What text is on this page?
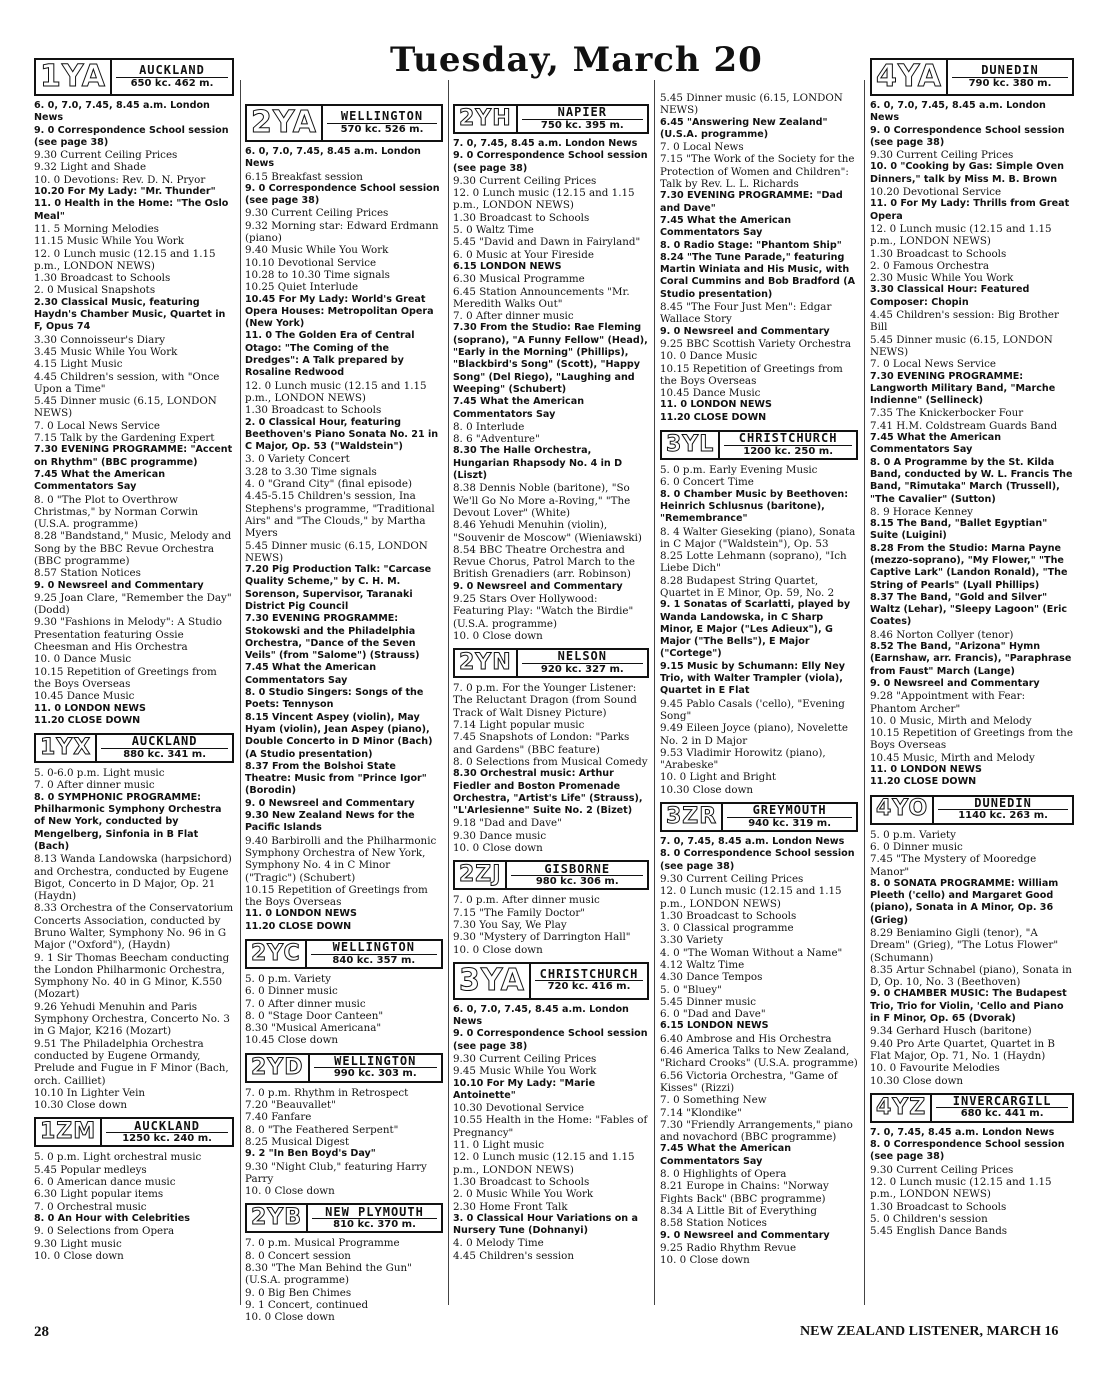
Tuesday, March 20
1YA	AUCKLAND
650 kc. 462 m.
6. 0, 7.0, 7.45, 8.45 a.m. London News
9. 0 Correspondence School session (see page 38)
9.30 Current Ceiling Prices
9.32 Light and Shade
10. 0 Devotions: Rev. D. N. Pryor
10.20 For My Lady: "Mr. Thunder"
11. 0 Health in the Home: "The Oslo Meal"
11. 5 Morning Melodies
11.15 Music While You Work
12. 0 Lunch music (12.15 and 1.15 p.m., LONDON NEWS)
1.30 Broadcast to Schools
2. 0 Musical Snapshots
2.30 Classical Music, featuring Haydn's Chamber Music, Quartet in F, Opus 74
3.30 Connoisseur's Diary
3.45 Music While You Work
4.15 Light Music
4.45 Children's session, with "Once Upon a Time"
5.45 Dinner music (6.15, LONDON NEWS)
7. 0 Local News Service
7.15 Talk by the Gardening Expert
7.30 EVENING PROGRAMME: "Accent on Rhythm" (BBC programme)
7.45 What the American Commentators Say
8. 0 "The Plot to Overthrow Christmas," by Norman Corwin (U.S.A. programme)
8.28 "Bandstand," Music, Melody and Song by the BBC Revue Orchestra (BBC programme)
8.57 Station Notices
9. 0 Newsreel and Commentary
9.25 Joan Clare, "Remember the Day" (Dodd)
9.30 "Fashions in Melody": A Studio Presentation featuring Ossie Cheesman and His Orchestra
10. 0 Dance Music
10.15 Repetition of Greetings from the Boys Overseas
10.45 Dance Music
11. 0 LONDON NEWS
11.20 CLOSE DOWN
1YX	AUCKLAND
880 kc. 341 m.
5. 0-6.0 p.m. Light music
7. 0 After dinner music
8. 0 SYMPHONIC PROGRAMME: Philharmonic Symphony Orchestra of New York, conducted by Mengelberg, Sinfonia in B Flat (Bach)
8.13 Wanda Landowska (harpsichord) and Orchestra, conducted by Eugene Bigot, Concerto in D Major, Op. 21 (Haydn)
8.33 Orchestra of the Conservatorium Concerts Association, conducted by Bruno Walter, Symphony No. 96 in G Major ("Oxford"), (Haydn)
9. 1 Sir Thomas Beecham conducting the London Philharmonic Orchestra, Symphony No. 40 in G Minor, K.550 (Mozart)
9.26 Yehudi Menuhin and Paris Symphony Orchestra, Concerto No. 3 in G Major, K216 (Mozart)
9.51 The Philadelphia Orchestra conducted by Eugene Ormandy, Prelude and Fugue in F Minor (Bach, orch. Cailliet)
10.10 In Lighter Vein
10.30 Close down
1ZM	AUCKLAND
1250 kc. 240 m.
5. 0 p.m. Light orchestral music
5.45 Popular medleys
6. 0 American dance music
6.30 Light popular items
7. 0 Orchestral music
8. 0 An Hour with Celebrities
9. 0 Selections from Opera
9.30 Light music
10. 0 Close down
2YA	WELLINGTON
570 kc. 526 m.
6. 0, 7.0, 7.45, 8.45 a.m. London News
6.15 Breakfast session
9. 0 Correspondence School session (see page 38)
9.30 Current Ceiling Prices
9.32 Morning star: Edward Erdmann (piano)
9.40 Music While You Work
10.10 Devotional Service
10.28 to 10.30 Time signals
10.25 Quiet Interlude
10.45 For My Lady: World's Great Opera Houses: Metropolitan Opera (New York)
11. 0 The Golden Era of Central Otago: "The Coming of the Dredges": A Talk prepared by Rosaline Redwood
12. 0 Lunch music (12.15 and 1.15 p.m., LONDON NEWS)
1.30 Broadcast to Schools
2. 0 Classical Hour, featuring Beethoven's Piano Sonata No. 21 in C Major, Op. 53 ("Waldstein")
3. 0 Variety Concert
3.28 to 3.30 Time signals
4. 0 "Grand City" (final episode)
4.45-5.15 Children's session, Ina Stephens's programme, "Traditional Airs" and "The Clouds," by Martha Myers
5.45 Dinner music (6.15, LONDON NEWS)
7.20 Pig Production Talk: "Carcase Quality Scheme," by C. H. M. Sorenson, Supervisor, Taranaki District Pig Council
7.30 EVENING PROGRAMME: Stokowski and the Philadelphia Orchestra, "Dance of the Seven Veils" (from "Salome") (Strauss)
7.45 What the American Commentators Say
8. 0 Studio Singers: Songs of the Poets: Tennyson
8.15 Vincent Aspey (violin), May Hyam (violin), Jean Aspey (piano), Double Concerto in D Minor (Bach) (A Studio presentation)
8.37 From the Bolshoi State Theatre: Music from "Prince Igor" (Borodin)
9. 0 Newsreel and Commentary
9.30 New Zealand News for the Pacific Islands
9.40 Barbirolli and the Philharmonic Symphony Orchestra of New York, Symphony No. 4 in C Minor ("Tragic") (Schubert)
10.15 Repetition of Greetings from the Boys Overseas
11. 0 LONDON NEWS
11.20 CLOSE DOWN
2YC	WELLINGTON
840 kc. 357 m.
5. 0 p.m. Variety
6. 0 Dinner music
7. 0 After dinner music
8. 0 "Stage Door Canteen"
8.30 "Musical Americana"
10.45 Close down
2YD	WELLINGTON
990 kc. 303 m.
7. 0 p.m. Rhythm in Retrospect
7.20 "Beauvallet"
7.40 Fanfare
8. 0 "The Feathered Serpent"
8.25 Musical Digest
9. 2 "In Ben Boyd's Day"
9.30 "Night Club," featuring Harry Parry
10. 0 Close down
2YB	NEW PLYMOUTH
810 kc. 370 m.
7. 0 p.m. Musical Programme
8. 0 Concert session
8.30 "The Man Behind the Gun" (U.S.A. programme)
9. 0 Big Ben Chimes
9. 1 Concert, continued
10. 0 Close down
2YH	NAPIER
750 kc. 395 m.
7. 0, 7.45, 8.45 a.m. London News
9. 0 Correspondence School session (see page 38)
9.30 Current Ceiling Prices
12. 0 Lunch music (12.15 and 1.15 p.m., LONDON NEWS)
1.30 Broadcast to Schools
5. 0 Waltz Time
5.45 "David and Dawn in Fairyland"
6. 0 Music at Your Fireside
6.15 LONDON NEWS
6.30 Musical Programme
6.45 Station Announcements "Mr. Meredith Walks Out"
7. 0 After dinner music
7.30 From the Studio: Rae Fleming (soprano), "A Funny Fellow" (Head), "Early in the Morning" (Phillips), "Blackbird's Song" (Scott), "Happy Song" (Del Riego), "Laughing and Weeping" (Schubert)
7.45 What the American Commentators Say
8. 0 Interlude
8. 6 "Adventure"
8.30 The Halle Orchestra, Hungarian Rhapsody No. 4 in D (Liszt)
8.38 Dennis Noble (baritone), "So We'll Go No More a-Roving," "The Devout Lover" (White)
8.46 Yehudi Menuhin (violin), "Souvenir de Moscow" (Wieniawski)
8.54 BBC Theatre Orchestra and Revue Chorus, Patrol March to the British Grenadiers (arr. Robinson)
9. 0 Newsreel and Commentary
9.25 Stars Over Hollywood: Featuring Play: "Watch the Birdie" (U.S.A. programme)
10. 0 Close down
2YN	NELSON
920 kc. 327 m.
7. 0 p.m. For the Younger Listener: The Reluctant Dragon (from Sound Track of Walt Disney Picture)
7.14 Light popular music
7.45 Snapshots of London: "Parks and Gardens" (BBC feature)
8. 0 Selections from Musical Comedy
8.30 Orchestral music: Arthur Fiedler and Boston Promenade Orchestra, "Artist's Life" (Strauss), "L'Arlesienne" Suite No. 2 (Bizet)
9.18 "Dad and Dave"
9.30 Dance music
10. 0 Close down
2ZJ	GISBORNE
980 kc. 306 m.
7. 0 p.m. After dinner music
7.15 "The Family Doctor"
7.30 You Say, We Play
9.30 "Mystery of Darrington Hall"
10. 0 Close down
3YA	CHRISTCHURCH
720 kc. 416 m.
6. 0, 7.0, 7.45, 8.45 a.m. London News
9. 0 Correspondence School session (see page 38)
9.30 Current Ceiling Prices
9.45 Music While You Work
10.10 For My Lady: "Marie Antoinette"
10.30 Devotional Service
10.55 Health in the Home: "Fables of Pregnancy"
11. 0 Light music
12. 0 Lunch music (12.15 and 1.15 p.m., LONDON NEWS)
1.30 Broadcast to Schools
2. 0 Music While You Work
2.30 Home Front Talk
3. 0 Classical Hour Variations on a Nursery Tune (Dohnanyi)
4. 0 Melody Time
4.45 Children's session
5.45 Dinner music (6.15, LONDON NEWS)
6.45 "Answering New Zealand" (U.S.A. programme)
7. 0 Local News
7.15 "The Work of the Society for the Protection of Women and Children": Talk by Rev. L. L. Richards
7.30 EVENING PROGRAMME: "Dad and Dave"
7.45 What the American Commentators Say
8. 0 Radio Stage: "Phantom Ship"
8.24 "The Tune Parade," featuring Martin Winiata and His Music, with Coral Cummins and Bob Bradford (A Studio presentation)
8.45 "The Four Just Men": Edgar Wallace Story
9. 0 Newsreel and Commentary
9.25 BBC Scottish Variety Orchestra
10. 0 Dance Music
10.15 Repetition of Greetings from the Boys Overseas
10.45 Dance Music
11. 0 LONDON NEWS
11.20 CLOSE DOWN
3YL	CHRISTCHURCH
1200 kc. 250 m.
5. 0 p.m. Early Evening Music
6. 0 Concert Time
8. 0 Chamber Music by Beethoven: Heinrich Schlusnus (baritone), "Remembrance"
8. 4 Walter Gieseking (piano), Sonata in C Major ("Waldstein"), Op. 53
8.25 Lotte Lehmann (soprano), "Ich Liebe Dich"
8.28 Budapest String Quartet, Quartet in E Minor, Op. 59, No. 2
9. 1 Sonatas of Scarlatti, played by Wanda Landowska, in C Sharp Minor, E Major ("Les Adieux"), G Major ("The Bells"), E Major ("Cortege")
9.15 Music by Schumann: Elly Ney Trio, with Walter Trampler (viola), Quartet in E Flat
9.45 Pablo Casals ('cello), "Evening Song"
9.49 Eileen Joyce (piano), Novelette No. 2 in D Major
9.53 Vladimir Horowitz (piano), "Arabeske"
10. 0 Light and Bright
10.30 Close down
3ZR	GREYMOUTH
940 kc. 319 m.
7. 0, 7.45, 8.45 a.m. London News
8. 0 Correspondence School session (see page 38)
9.30 Current Ceiling Prices
12. 0 Lunch music (12.15 and 1.15 p.m., LONDON NEWS)
1.30 Broadcast to Schools
3. 0 Classical programme
3.30 Variety
4. 0 "The Woman Without a Name"
4.12 Waltz Time
4.30 Dance Tempos
5. 0 "Bluey"
5.45 Dinner music
6. 0 "Dad and Dave"
6.15 LONDON NEWS
6.40 Ambrose and His Orchestra
6.46 America Talks to New Zealand, "Richard Crooks" (U.S.A. programme)
6.56 Victoria Orchestra, "Game of Kisses" (Rizzi)
7. 0 Something New
7.14 "Klondike"
7.30 "Friendly Arrangements," piano and novachord (BBC programme)
7.45 What the American Commentators Say
8. 0 Highlights of Opera
8.21 Europe in Chains: "Norway Fights Back" (BBC programme)
8.34 A Little Bit of Everything
8.58 Station Notices
9. 0 Newsreel and Commentary
9.25 Radio Rhythm Revue
10. 0 Close down
4YA	DUNEDIN
790 kc. 380 m.
6. 0, 7.0, 7.45, 8.45 a.m. London News
9. 0 Correspondence School session (see page 38)
9.30 Current Ceiling Prices
10. 0 "Cooking by Gas: Simple Oven Dinners," talk by Miss M. B. Brown
10.20 Devotional Service
11. 0 For My Lady: Thrills from Great Opera
12. 0 Lunch music (12.15 and 1.15 p.m., LONDON NEWS)
1.30 Broadcast to Schools
2. 0 Famous Orchestra
2.30 Music While You Work
3.30 Classical Hour: Featured Composer: Chopin
4.45 Children's session: Big Brother Bill
5.45 Dinner music (6.15, LONDON NEWS)
7. 0 Local News Service
7.30 EVENING PROGRAMME: Langworth Military Band, "Marche Indienne" (Sellineck)
7.35 The Knickerbocker Four
7.41 H.M. Coldstream Guards Band
7.45 What the American Commentators Say
8. 0 A Programme by the St. Kilda Band, conducted by W. L. Francis The Band, "Rimutaka" March (Trussell), "The Cavalier" (Sutton)
8. 9 Horace Kenney
8.15 The Band, "Ballet Egyptian" Suite (Luigini)
8.28 From the Studio: Marna Payne (mezzo-soprano), "My Flower," "The Captive Lark" (Landon Ronald), "The String of Pearls" (Lyall Phillips)
8.37 The Band, "Gold and Silver" Waltz (Lehar), "Sleepy Lagoon" (Eric Coates)
8.46 Norton Collyer (tenor)
8.52 The Band, "Arizona" Hymn (Earnshaw, arr. Francis), "Paraphrase from Faust" March (Lange)
9. 0 Newsreel and Commentary
9.28 "Appointment with Fear: Phantom Archer"
10. 0 Music, Mirth and Melody
10.15 Repetition of Greetings from the Boys Overseas
10.45 Music, Mirth and Melody
11. 0 LONDON NEWS
11.20 CLOSE DOWN
4YO	DUNEDIN
1140 kc. 263 m.
5. 0 p.m. Variety
6. 0 Dinner music
7.45 "The Mystery of Mooredge Manor"
8. 0 SONATA PROGRAMME: William Pleeth ('cello) and Margaret Good (piano), Sonata in A Minor, Op. 36 (Grieg)
8.29 Beniamino Gigli (tenor), "A Dream" (Grieg), "The Lotus Flower" (Schumann)
8.35 Artur Schnabel (piano), Sonata in D, Op. 10, No. 3 (Beethoven)
9. 0 CHAMBER MUSIC: The Budapest Trio, Trio for Violin, 'Cello and Piano in F Minor, Op. 65 (Dvorak)
9.34 Gerhard Husch (baritone)
9.40 Pro Arte Quartet, Quartet in B Flat Major, Op. 71, No. 1 (Haydn)
10. 0 Favourite Melodies
10.30 Close down
4YZ	INVERCARGILL
680 kc. 441 m.
7. 0, 7.45, 8.45 a.m. London News
8. 0 Correspondence School session (see page 38)
9.30 Current Ceiling Prices
12. 0 Lunch music (12.15 and 1.15 p.m., LONDON NEWS)
1.30 Broadcast to Schools
5. 0 Children's session
5.45 English Dance Bands
28	NEW ZEALAND LISTENER, MARCH 16
